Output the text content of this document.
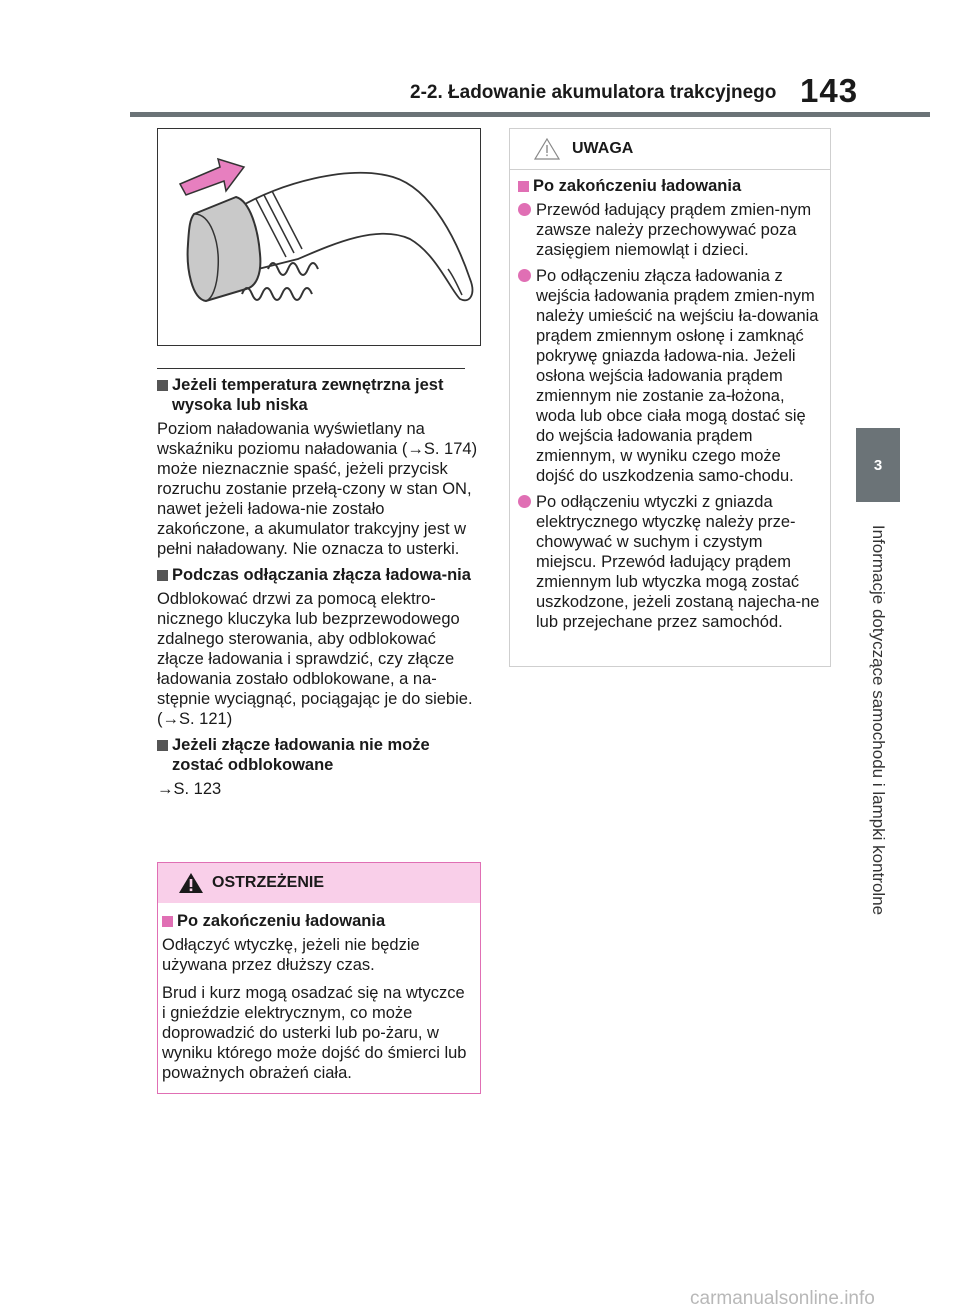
2-2. Ładowanie akumulatora trakcyjnego 143
3
Informacje dotyczące samochodu i lampki kontrolne
Jeżeli temperatura zewnętrzna jest wysoka lub niska

Poziom naładowania wyświetlany na wskaźniku poziomu naładowania (→S. 174) może nieznacznie spaść, jeżeli przycisk rozruchu zostanie przełą-czony w stan ON, nawet jeżeli ładowa-nie zostało zakończone, a akumulator trakcyjny jest w pełni naładowany. Nie oznacza to usterki.

Podczas odłączania złącza ładowa-nia

Odblokować drzwi za pomocą elektro-nicznego kluczyka lub bezprzewodowego zdalnego sterowania, aby odblokować złącze ładowania i sprawdzić, czy złącze ładowania zostało odblokowane, a na-stępnie wyciągnąć, pociągając je do siebie. (→S. 121)

Jeżeli złącze ładowania nie może zostać odblokowane

→S. 123

OSTRZEŻENIE
Po zakończeniu ładowania

Odłączyć wtyczkę, jeżeli nie będzie używana przez dłuższy czas.

Brud i kurz mogą osadzać się na wtyczce i gnieździe elektrycznym, co może doprowadzić do usterki lub po-żaru, w wyniku którego może dojść do śmierci lub poważnych obrażeń ciała.

UWAGA
Po zakończeniu ładowania
Przewód ładujący prądem zmien-nym zawsze należy przechowywać poza zasięgiem niemowląt i dzieci.
Po odłączeniu złącza ładowania z wejścia ładowania prądem zmien-nym należy umieścić na wejściu ła-dowania prądem zmiennym osłonę i zamknąć pokrywę gniazda ładowa-nia. Jeżeli osłona wejścia ładowania prądem zmiennym nie zostanie za-łożona, woda lub obce ciała mogą dostać się do wejścia ładowania prądem zmiennym, w wyniku czego może dojść do uszkodzenia samo-chodu.
Po odłączeniu wtyczki z gniazda elektrycznego wtyczkę należy prze-chowywać w suchym i czystym miejscu. Przewód ładujący prądem zmiennym lub wtyczka mogą zostać uszkodzone, jeżeli zostaną najecha-ne lub przejechane przez samochód.
carmanualsonline.info
